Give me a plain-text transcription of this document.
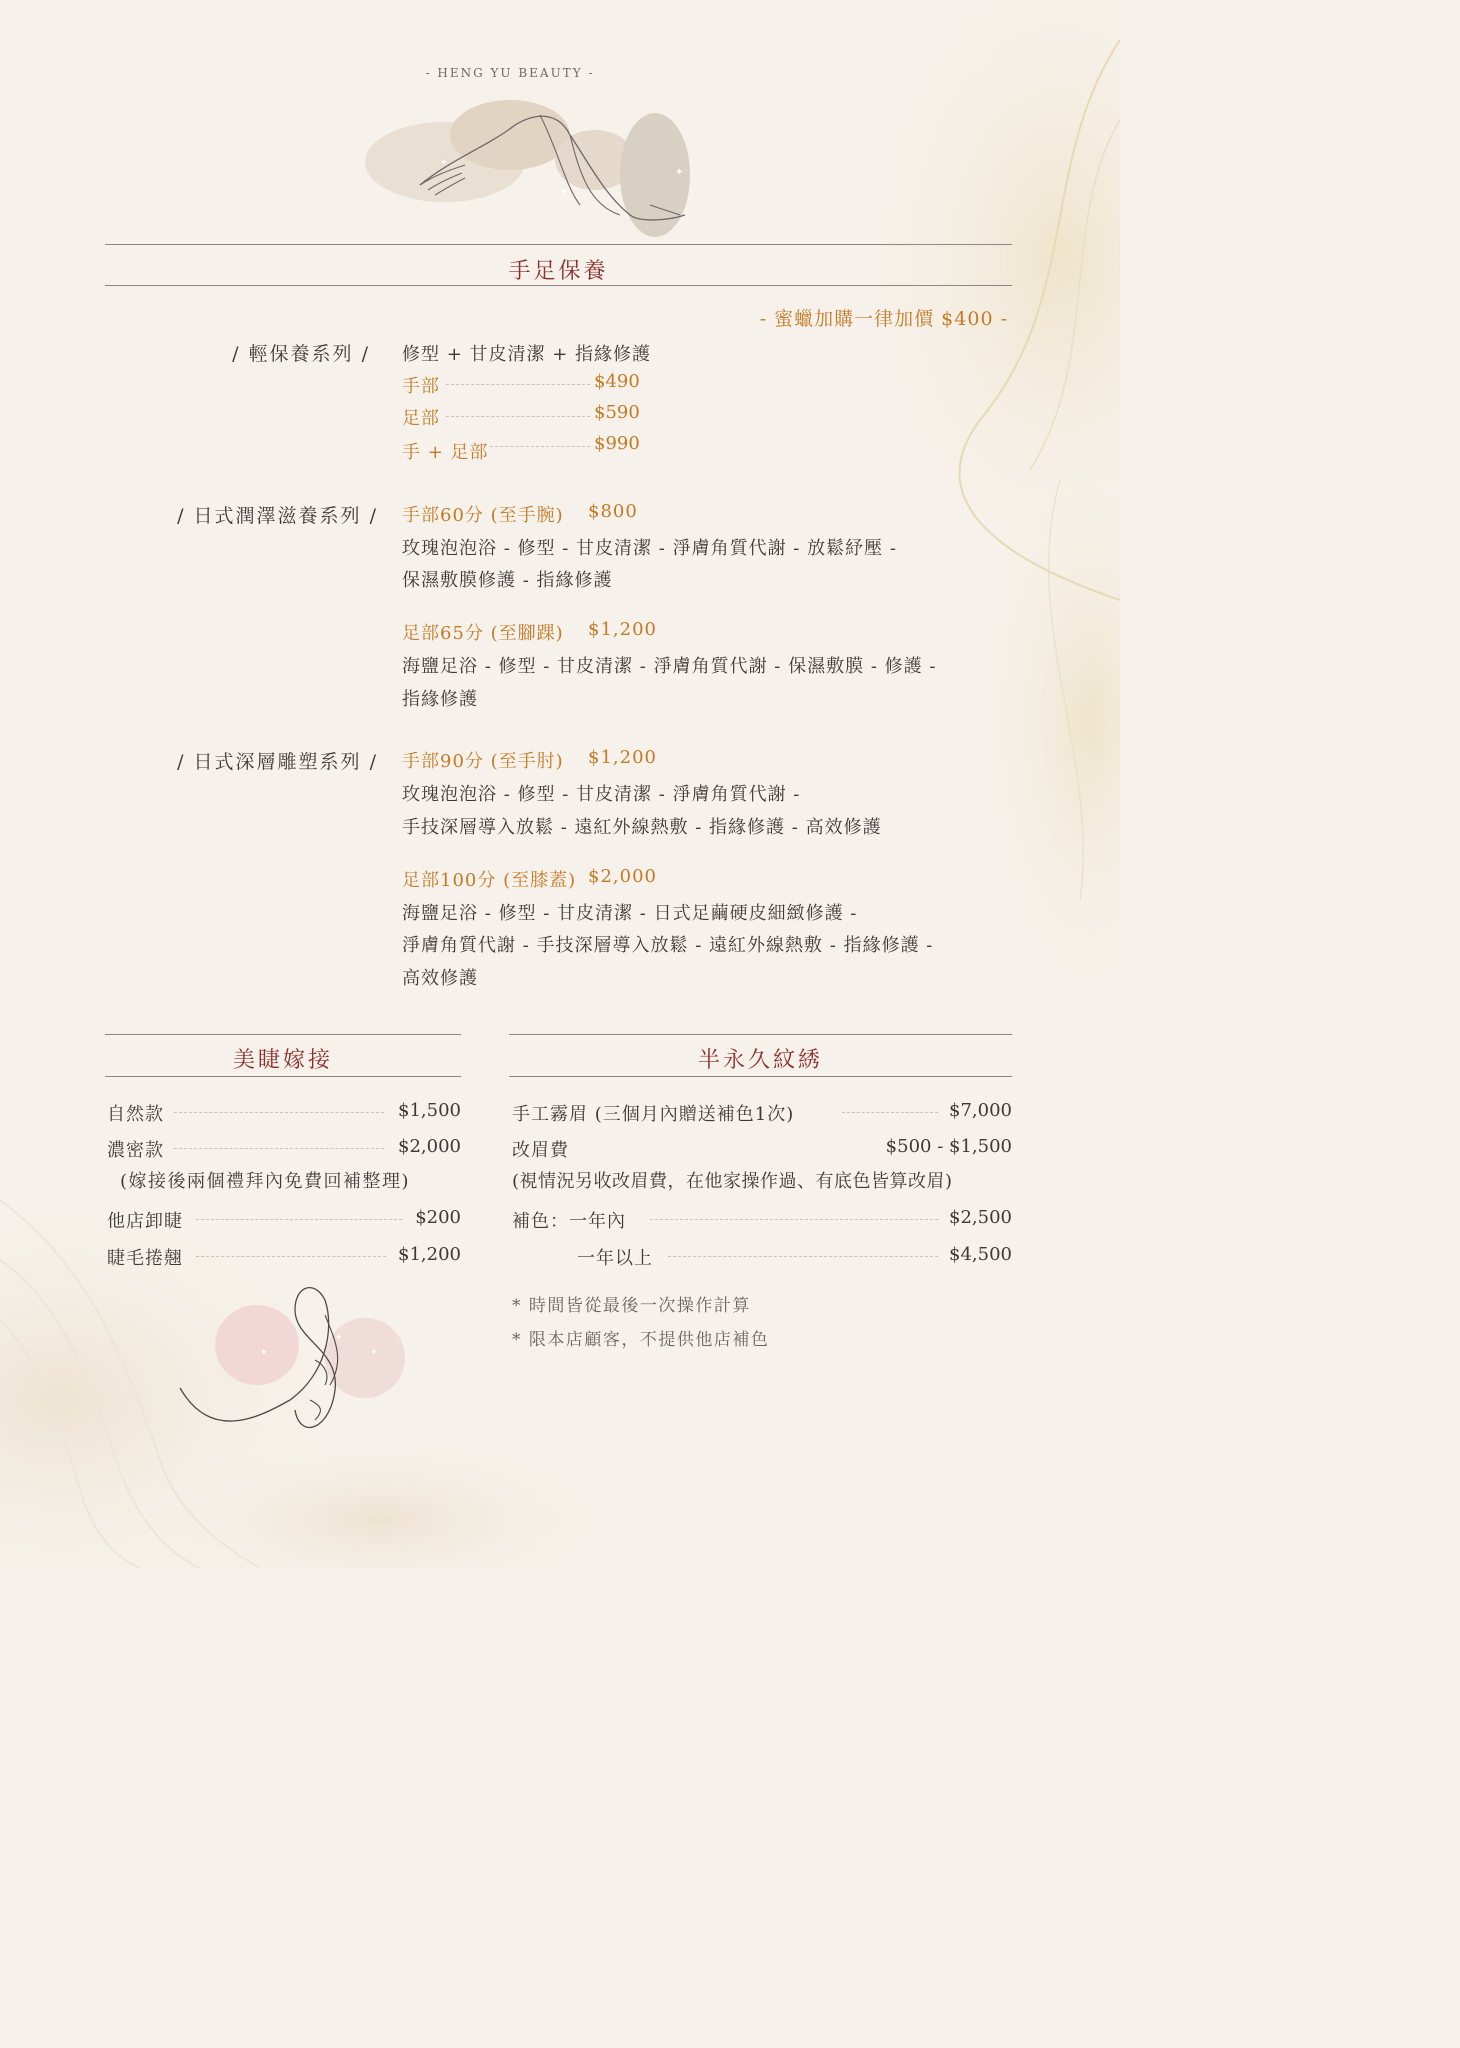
- HENG YU BEAUTY -
✦
✦
✦
手足保養
- 蜜蠟加購一律加價 $400 -
/ 輕保養系列 / 修型 + 甘皮清潔 + 指緣修護
手部	$490
足部	$590
手 + 足部	$990
/ 日式潤澤滋養系列 / 手部60分 (至手腕) $800
玫瑰泡泡浴 - 修型 - 甘皮清潔 - 淨膚角質代謝 - 放鬆紓壓 -
保濕敷膜修護 - 指緣修護
足部65分 (至腳踝) $1,200
海鹽足浴 - 修型 - 甘皮清潔 - 淨膚角質代謝 - 保濕敷膜 - 修護 -
指緣修護
/ 日式深層雕塑系列 / 手部90分 (至手肘) $1,200
玫瑰泡泡浴 - 修型 - 甘皮清潔 - 淨膚角質代謝 -
手技深層導入放鬆 - 遠紅外線熱敷 - 指緣修護 - 高效修護
足部100分 (至膝蓋) $2,000
海鹽足浴 - 修型 - 甘皮清潔 - 日式足繭硬皮細緻修護 -
淨膚角質代謝 - 手技深層導入放鬆 - 遠紅外線熱敷 - 指緣修護 -
高效修護
美睫嫁接
自然款	$1,500
濃密款	$2,000
(嫁接後兩個禮拜內免費回補整理)
他店卸睫	$200
睫毛捲翹	$1,200
✦
✦
✦
半永久紋綉
手工霧眉 (三個月內贈送補色1次)	$7,000
改眉費	$500 - $1,500
(視情況另收改眉費，在他家操作過、有底色皆算改眉)
補色：一年內	$2,500
一年以上	$4,500
* 時間皆從最後一次操作計算
* 限本店顧客，不提供他店補色
